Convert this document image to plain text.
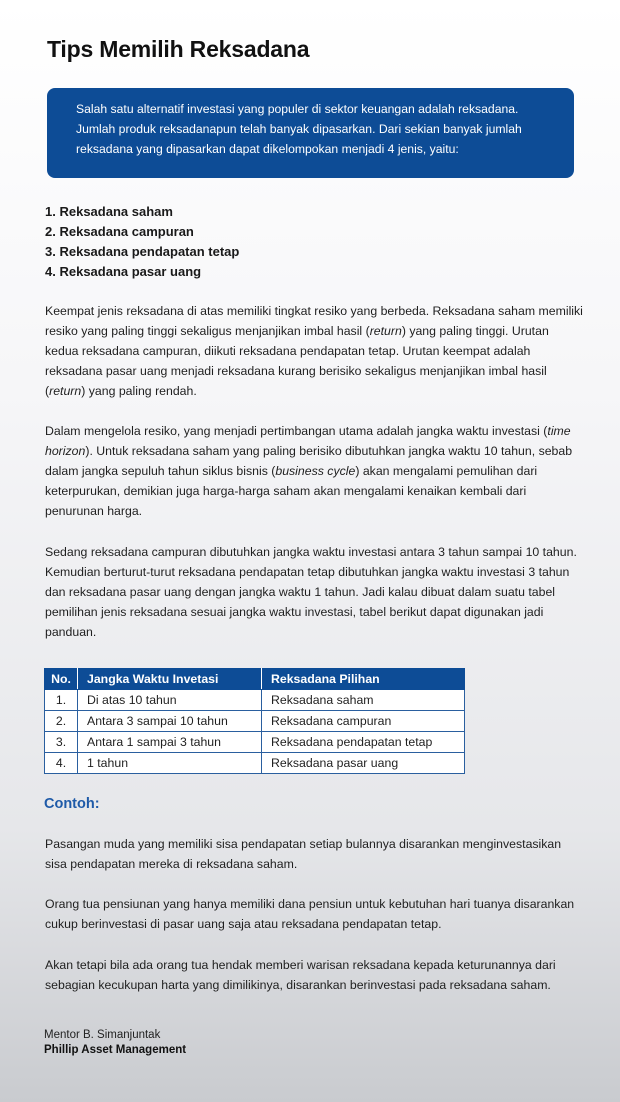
Tips Memilih Reksadana
Salah satu alternatif investasi yang populer di sektor keuangan adalah reksadana.
Jumlah produk reksadanapun telah banyak dipasarkan. Dari sekian banyak jumlah
reksadana yang dipasarkan dapat dikelompokan menjadi 4 jenis, yaitu:
1. Reksadana saham
2. Reksadana campuran
3. Reksadana pendapatan tetap
4. Reksadana pasar uang

Keempat jenis reksadana di atas memiliki tingkat resiko yang berbeda. Reksadana saham memiliki resiko yang paling tinggi sekaligus menjanjikan imbal hasil (return) yang paling tinggi. Urutan kedua reksadana campuran, diikuti reksadana pendapatan tetap. Urutan keempat adalah reksadana pasar uang menjadi reksadana kurang berisiko sekaligus menjanjikan imbal hasil (return) yang paling rendah.

Dalam mengelola resiko, yang menjadi pertimbangan utama adalah jangka waktu investasi (time horizon). Untuk reksadana saham yang paling berisiko dibutuhkan jangka waktu 10 tahun, sebab dalam jangka sepuluh tahun siklus bisnis (business cycle) akan mengalami pemulihan dari keterpurukan, demikian juga harga-harga saham akan mengalami kenaikan kembali dari penurunan harga.

Sedang reksadana campuran dibutuhkan jangka waktu investasi antara 3 tahun sampai 10 tahun. Kemudian berturut-turut reksadana pendapatan tetap dibutuhkan jangka waktu investasi 3 tahun dan reksadana pasar uang dengan jangka waktu 1 tahun. Jadi kalau dibuat dalam suatu tabel pemilihan jenis reksadana sesuai jangka waktu investasi, tabel berikut dapat digunakan jadi panduan.

No.	Jangka Waktu Invetasi	Reksadana Pilihan
1.	Di atas 10 tahun	Reksadana saham
2.	Antara 3 sampai 10 tahun	Reksadana campuran
3.	Antara 1 sampai 3 tahun	Reksadana pendapatan tetap
4.	1 tahun	Reksadana pasar uang
Contoh:

Pasangan muda yang memiliki sisa pendapatan setiap bulannya disarankan menginvestasikan sisa pendapatan mereka di reksadana saham.

Orang tua pensiunan yang hanya memiliki dana pensiun untuk kebutuhan hari tuanya disarankan cukup berinvestasi di pasar uang saja atau reksadana pendapatan tetap.

Akan tetapi bila ada orang tua hendak memberi warisan reksadana kepada keturunannya dari sebagian kecukupan harta yang dimilikinya, disarankan berinvestasi pada reksadana saham.

Mentor B. Simanjuntak
Phillip Asset Management
